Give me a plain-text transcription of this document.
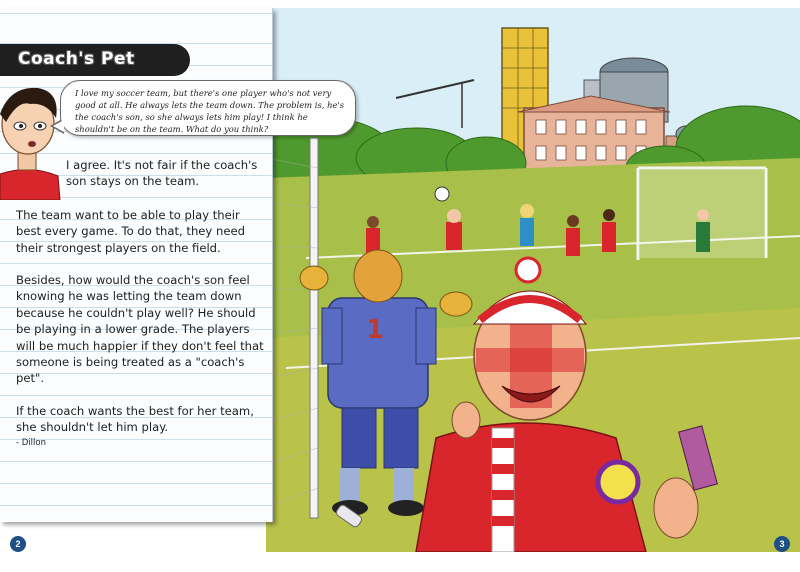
1
Coach's Pet
I love my soccer team, but there's one player who's not very good at all. He always lets the team down. The problem is, he's the coach's son, so she always lets him play! I think he shouldn't be on the team. What do you think?
I agree. It's not fair if the coach's son stays on the team.
The team want to be able to play their best every game. To do that, they need their strongest players on the field.
Besides, how would the coach's son feel knowing he was letting the team down because he couldn't play well? He should be playing in a lower grade. The players will be much happier if they don't feel that someone is being treated as a "coach's pet".
If the coach wants the best for her team, she shouldn't let him play.
- Dillon
2	3
